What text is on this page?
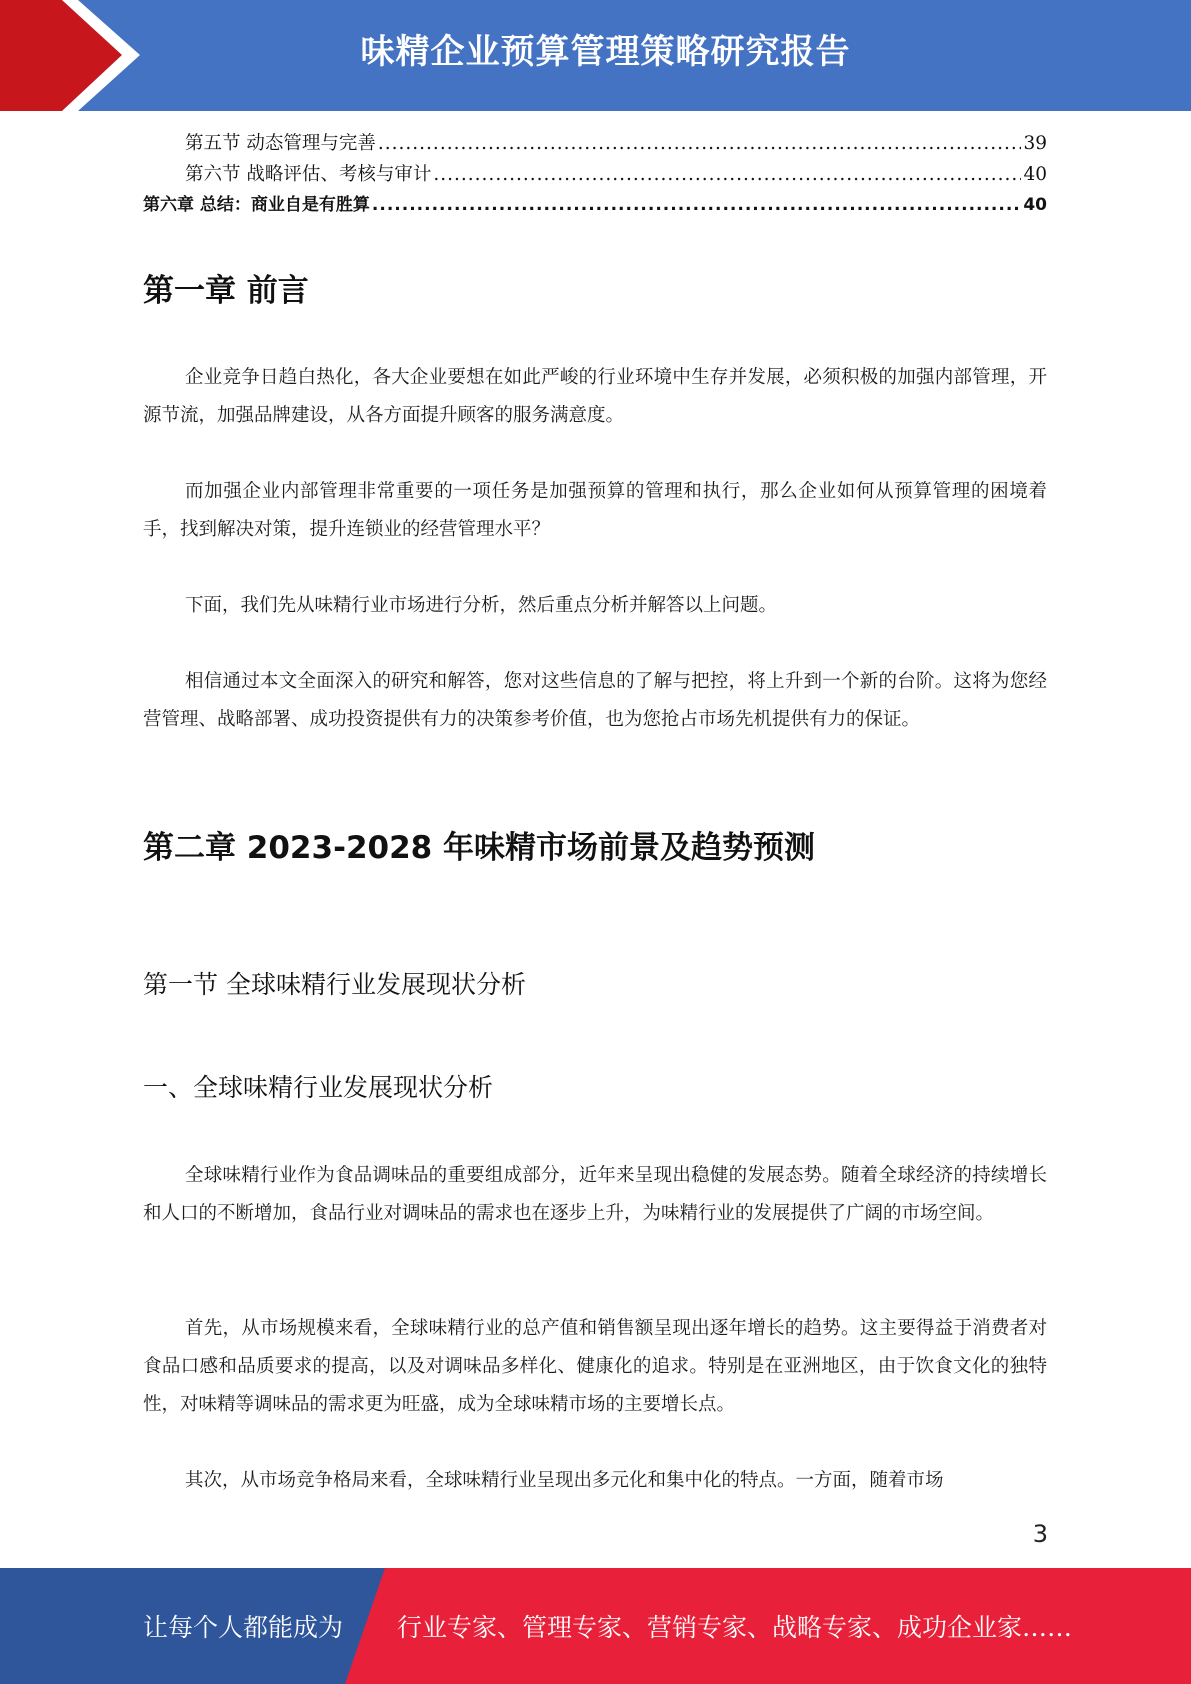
味精企业预算管理策略研究报告
第五节 动态管理与完善 .....	39
第六节 战略评估、考核与审计 .....	40
第六章 总结：商业自是有胜算 .....	40
第一章 前言

企业竞争日趋白热化，各大企业要想在如此严峻的行业环境中生存并发展，必须积极的加强内部管理，开源节流，加强品牌建设，从各方面提升顾客的服务满意度。

而加强企业内部管理非常重要的一项任务是加强预算的管理和执行，那么企业如何从预算管理的困境着手，找到解决对策，提升连锁业的经营管理水平？

下面，我们先从味精行业市场进行分析，然后重点分析并解答以上问题。

相信通过本文全面深入的研究和解答，您对这些信息的了解与把控，将上升到一个新的台阶。这将为您经营管理、战略部署、成功投资提供有力的决策参考价值，也为您抢占市场先机提供有力的保证。

第二章 2023-2028 年味精市场前景及趋势预测
第一节 全球味精行业发展现状分析
一、全球味精行业发展现状分析

全球味精行业作为食品调味品的重要组成部分，近年来呈现出稳健的发展态势。随着全球经济的持续增长和人口的不断增加，食品行业对调味品的需求也在逐步上升，为味精行业的发展提供了广阔的市场空间。

首先，从市场规模来看，全球味精行业的总产值和销售额呈现出逐年增长的趋势。这主要得益于消费者对食品口感和品质要求的提高，以及对调味品多样化、健康化的追求。特别是在亚洲地区，由于饮食文化的独特性，对味精等调味品的需求更为旺盛，成为全球味精市场的主要增长点。

其次，从市场竞争格局来看，全球味精行业呈现出多元化和集中化的特点。一方面，随着市场

3
让每个人都能成为 行业专家、管理专家、营销专家、战略专家、成功企业家……
